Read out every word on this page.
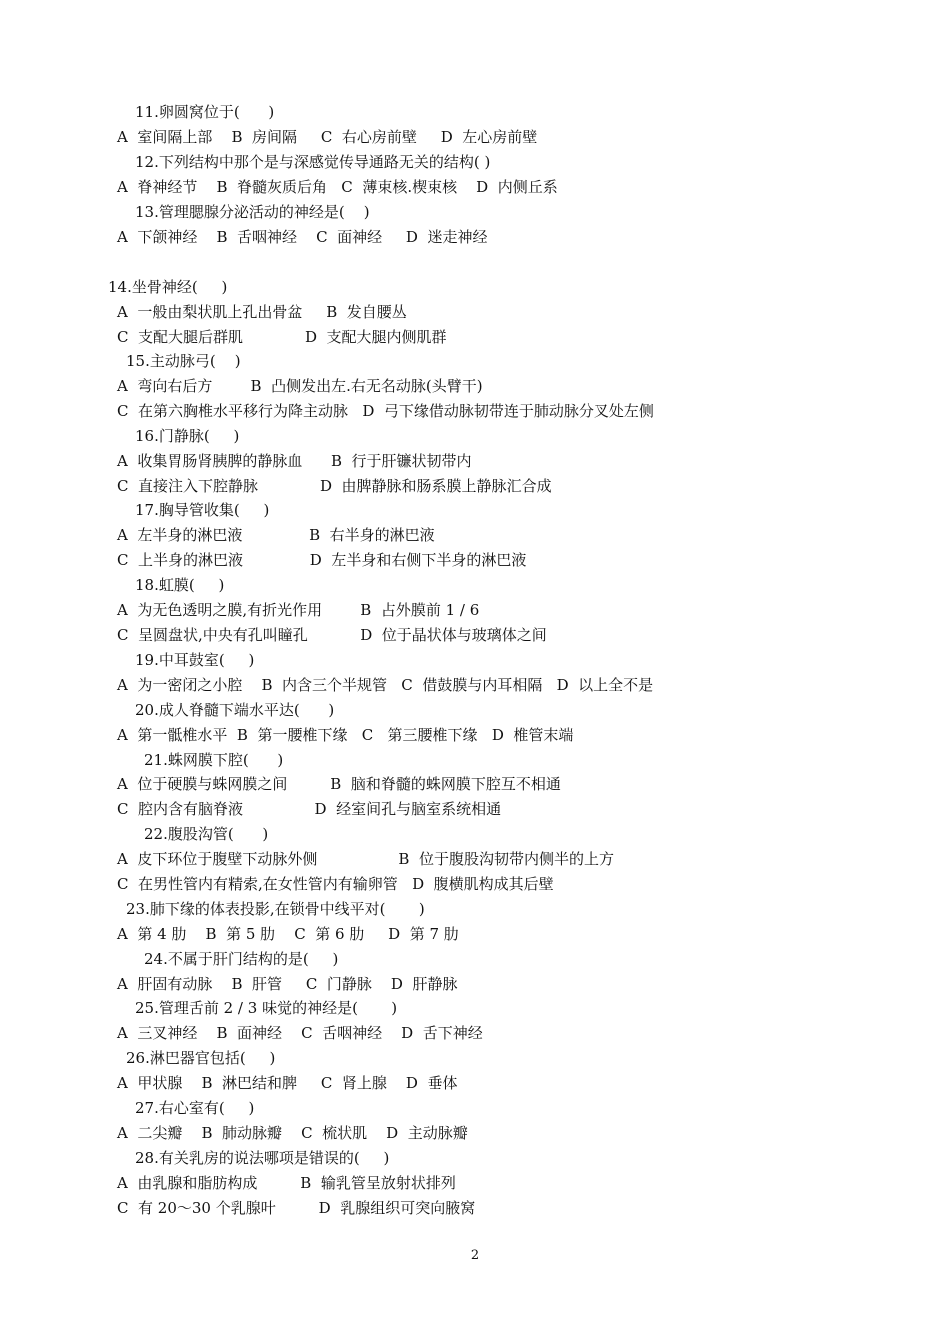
11.卵圆窝位于(      )
A  室间隔上部    B  房间隔     C  右心房前壁     D  左心房前壁
12.下列结构中那个是与深感觉传导通路无关的结构( )
A  脊神经节    B  脊髓灰质后角   C  薄束核.楔束核    D  内侧丘系
13.管理腮腺分泌活动的神经是(    )
A  下颌神经    B  舌咽神经    C  面神经     D  迷走神经
14.坐骨神经(     )
A  一般由梨状肌上孔出骨盆     B  发自腰丛
C  支配大腿后群肌             D  支配大腿内侧肌群
15.主动脉弓(    )
A  弯向右后方        B  凸侧发出左.右无名动脉(头臂干)
C  在第六胸椎水平移行为降主动脉   D  弓下缘借动脉韧带连于肺动脉分叉处左侧
16.门静脉(     )
A  收集胃肠肾胰脾的静脉血      B  行于肝镰状韧带内
C  直接注入下腔静脉             D  由脾静脉和肠系膜上静脉汇合成
17.胸导管收集(     )
A  左半身的淋巴液              B  右半身的淋巴液
C  上半身的淋巴液              D  左半身和右侧下半身的淋巴液
18.虹膜(     )
A  为无色透明之膜,有折光作用        B  占外膜前 1 / 6
C  呈圆盘状,中央有孔叫瞳孔           D  位于晶状体与玻璃体之间
19.中耳鼓室(     )
A  为一密闭之小腔    B  内含三个半规管   C  借鼓膜与内耳相隔   D  以上全不是
20.成人脊髓下端水平达(      )
A  第一骶椎水平  B  第一腰椎下缘   C   第三腰椎下缘   D  椎管末端
21.蛛网膜下腔(      )
A  位于硬膜与蛛网膜之间         B  脑和脊髓的蛛网膜下腔互不相通
C  腔内含有脑脊液               D  经室间孔与脑室系统相通
22.腹股沟管(      )
A  皮下环位于腹壁下动脉外侧                 B  位于腹股沟韧带内侧半的上方
C  在男性管内有精索,在女性管内有输卵管   D  腹横肌构成其后壁
23.肺下缘的体表投影,在锁骨中线平对(       )
A  第 4 肋    B  第 5 肋    C  第 6 肋     D  第 7 肋
24.不属于肝门结构的是(     )
A  肝固有动脉    B  肝管     C  门静脉    D  肝静脉
25.管理舌前 2 / 3 味觉的神经是(       )
A  三叉神经    B  面神经    C  舌咽神经    D  舌下神经
26.淋巴器官包括(     )
A  甲状腺    B  淋巴结和脾     C  肾上腺    D  垂体
27.右心室有(     )
A  二尖瓣    B  肺动脉瓣    C  梳状肌    D  主动脉瓣
28.有关乳房的说法哪项是错误的(     )
A  由乳腺和脂肪构成         B  输乳管呈放射状排列
C  有 20～30 个乳腺叶         D  乳腺组织可突向腋窝
2
